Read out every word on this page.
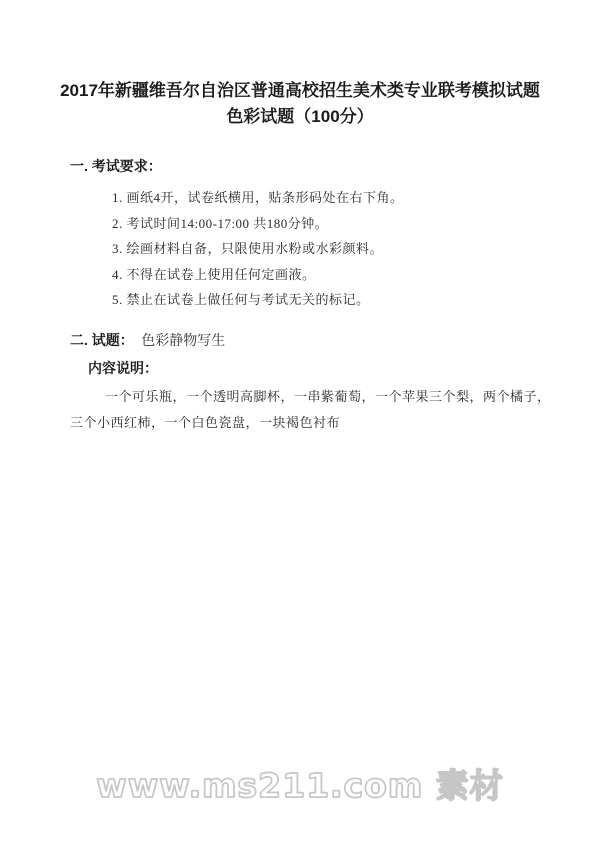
2017年新疆维吾尔自治区普通高校招生美术类专业联考模拟试题
色彩试题（100分）
一. 考试要求：
1. 画纸4开，试卷纸横用，贴条形码处在右下角。
2. 考试时间14:00-17:00 共180分钟。
3. 绘画材料自备，只限使用水粉或水彩颜料。
4. 不得在试卷上使用任何定画液。
5. 禁止在试卷上做任何与考试无关的标记。
二. 试题： 色彩静物写生
内容说明：

一个可乐瓶，一个透明高脚杯，一串紫葡萄，一个苹果三个梨，两个橘子，三个小西红柿，一个白色瓷盘，一块褐色衬布

www.ms211.com 素材
